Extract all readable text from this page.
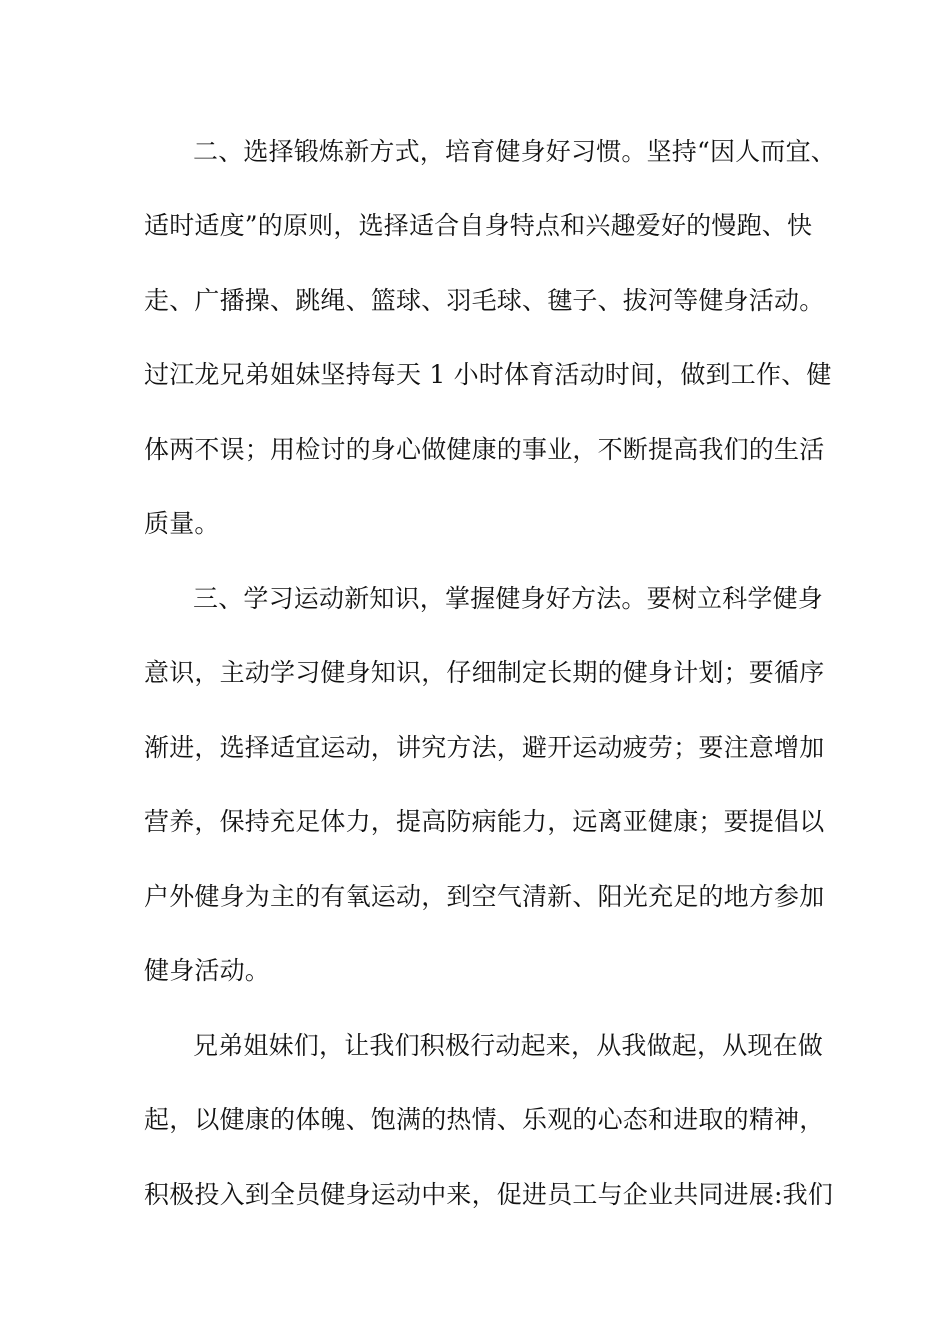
二、选择锻炼新方式，培育健身好习惯。坚持“因人而宜、
适时适度”的原则，选择适合自身特点和兴趣爱好的慢跑、快
走、广播操、跳绳、篮球、羽毛球、毽子、拔河等健身活动。
过江龙兄弟姐妹坚持每天 1 小时体育活动时间，做到工作、健
体两不误；用检讨的身心做健康的事业，不断提高我们的生活
质量。
三、学习运动新知识，掌握健身好方法。要树立科学健身
意识，主动学习健身知识，仔细制定长期的健身计划；要循序
渐进，选择适宜运动，讲究方法，避开运动疲劳；要注意增加
营养，保持充足体力，提高防病能力，远离亚健康；要提倡以
户外健身为主的有氧运动，到空气清新、阳光充足的地方参加
健身活动。
兄弟姐妹们，让我们积极行动起来，从我做起，从现在做
起，以健康的体魄、饱满的热情、乐观的心态和进取的精神，
积极投入到全员健身运动中来，促进员工与企业共同进展:我们
